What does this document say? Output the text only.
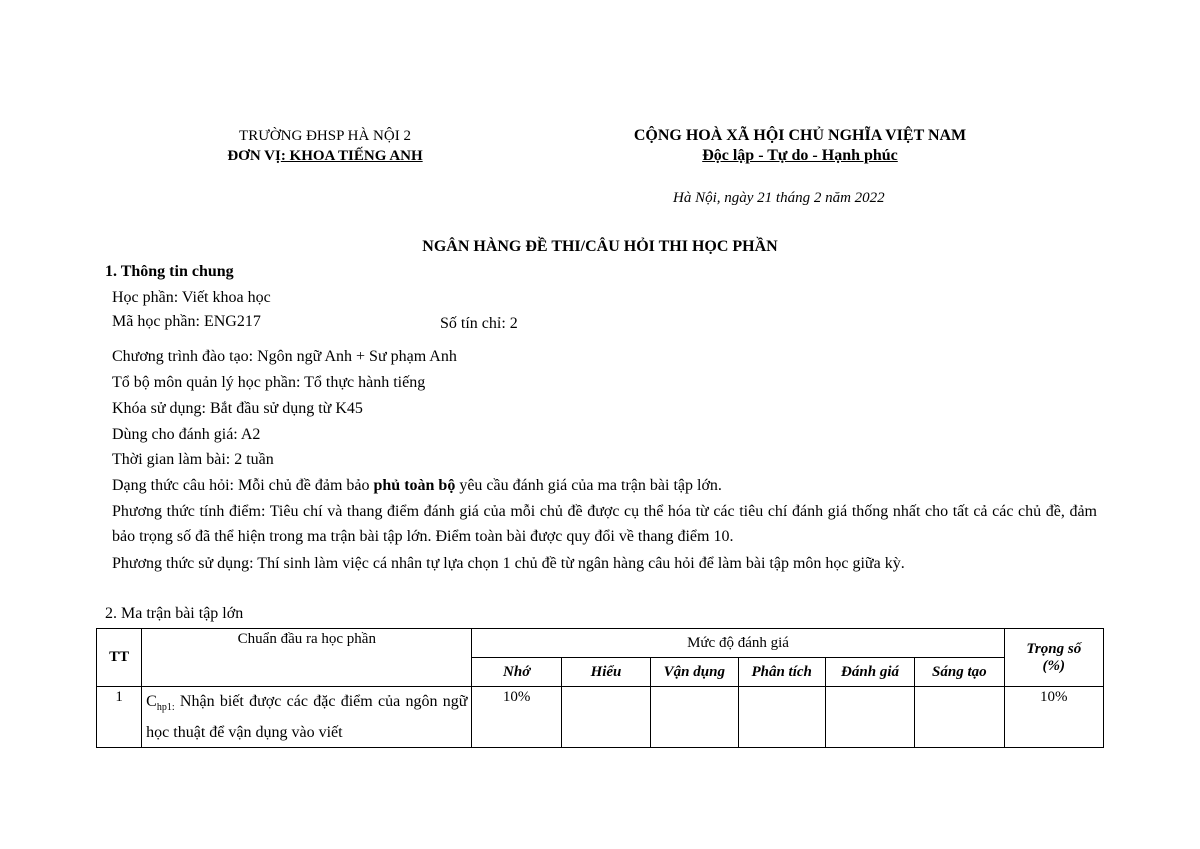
TRƯỜNG ĐHSP HÀ NỘI 2
ĐƠN VỊ: KHOA TIẾNG ANH
CỘNG HOÀ XÃ HỘI CHỦ NGHĨA VIỆT NAM
Độc lập - Tự do - Hạnh phúc
Hà Nội, ngày 21 tháng 2 năm 2022
NGÂN HÀNG ĐỀ THI/CÂU HỎI THI HỌC PHẦN
1. Thông tin chung
Học phần: Viết khoa học
Mã học phần: ENG217	Số tín chỉ: 2
Chương trình đào tạo: Ngôn ngữ Anh + Sư phạm Anh
Tổ bộ môn quản lý học phần: Tổ thực hành tiếng
Khóa sử dụng: Bắt đầu sử dụng từ K45
Dùng cho đánh giá: A2
Thời gian làm bài: 2 tuần
Dạng thức câu hỏi: Mỗi chủ đề đảm bảo phủ toàn bộ yêu cầu đánh giá của ma trận bài tập lớn.
Phương thức tính điểm: Tiêu chí và thang điểm đánh giá của mỗi chủ đề được cụ thể hóa từ các tiêu chí đánh giá thống nhất cho tất cả các chủ đề, đảm bảo trọng số đã thể hiện trong ma trận bài tập lớn. Điểm toàn bài được quy đổi về thang điểm 10.
Phương thức sử dụng: Thí sinh làm việc cá nhân tự lựa chọn 1 chủ đề từ ngân hàng câu hỏi để làm bài tập môn học giữa kỳ.
2. Ma trận bài tập lớn
TT	Chuẩn đầu ra học phần	Mức độ đánh giá						Trọng số
(%)

		Nhớ	Hiểu	Vận dụng	Phân tích	Đánh giá	Sáng tạo	
1	$C_{hp1:}$ Nhận biết được các đặc điểm của ngôn ngữ học thuật để vận dụng vào viết	10%						10%
